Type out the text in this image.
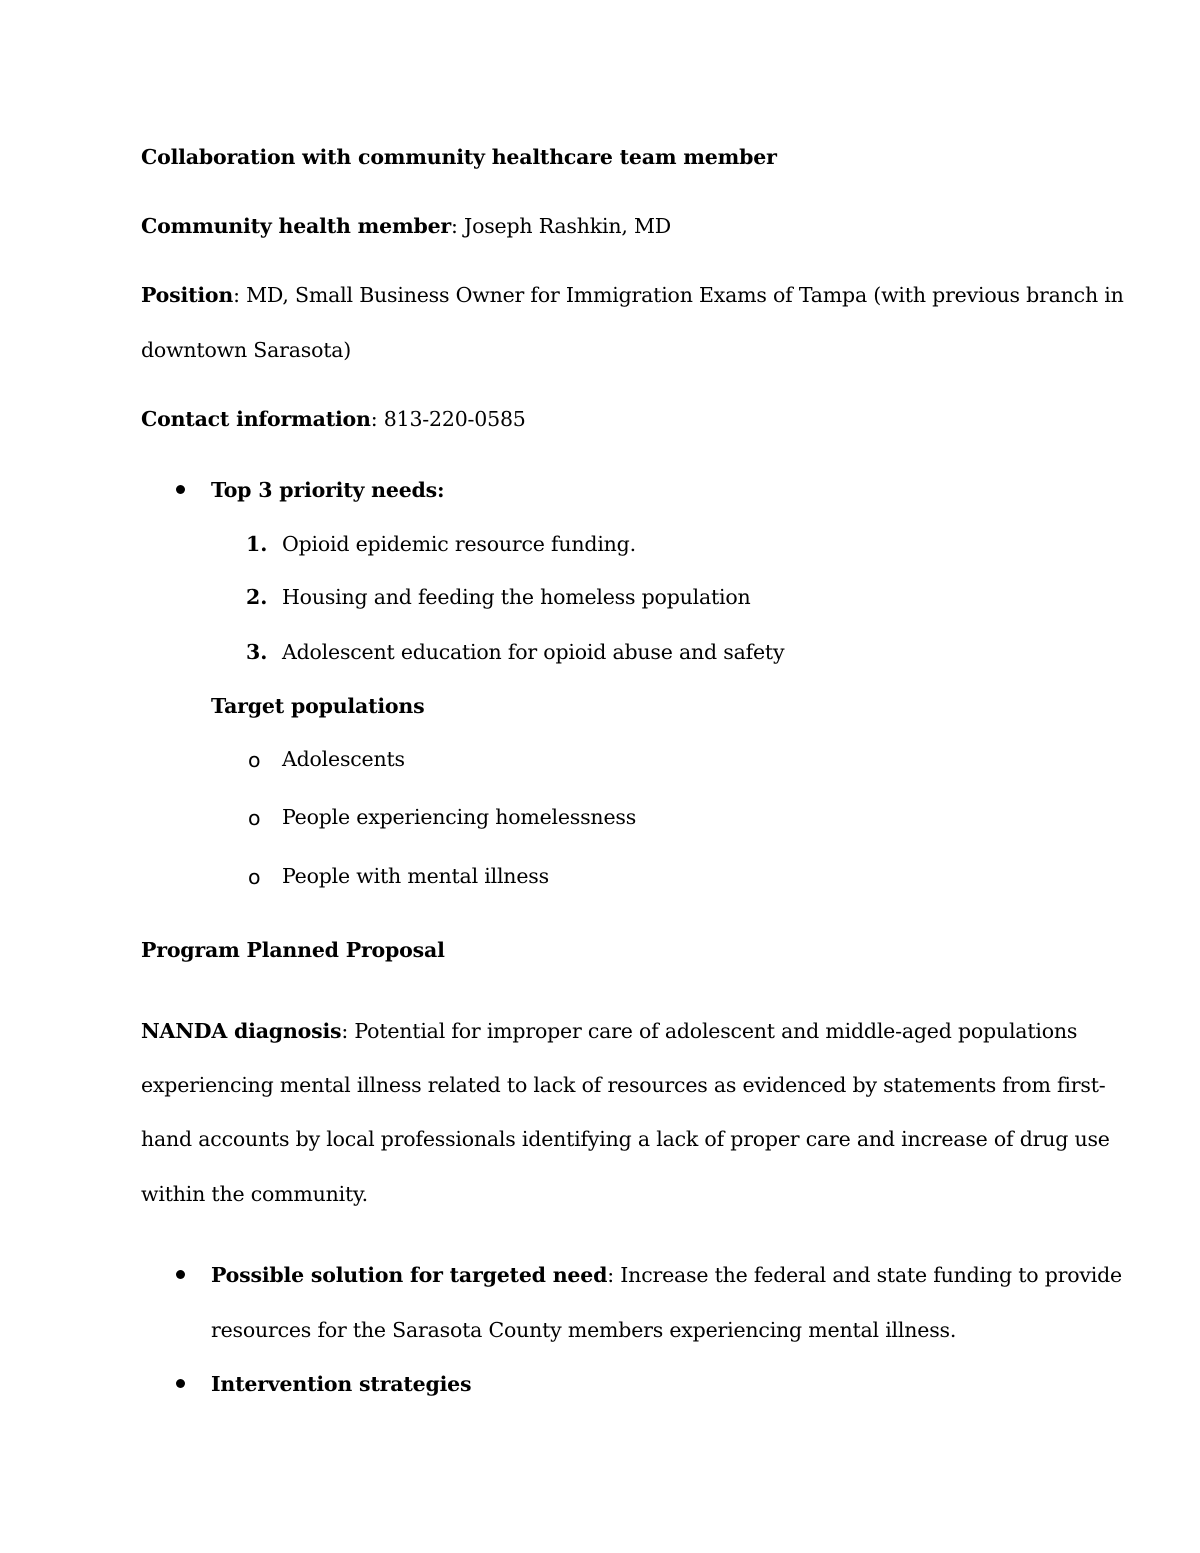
Collaboration with community healthcare team member
Community health member: Joseph Rashkin, MD
Position: MD, Small Business Owner for Immigration Exams of Tampa (with previous branch in
downtown Sarasota)
Contact information: 813-220-0585
Top 3 priority needs:
1. Opioid epidemic resource funding.
2. Housing and feeding the homeless population
3. Adolescent education for opioid abuse and safety
Target populations
o Adolescents
o People experiencing homelessness
o People with mental illness
Program Planned Proposal
NANDA diagnosis: Potential for improper care of adolescent and middle-aged populations
experiencing mental illness related to lack of resources as evidenced by statements from first-
hand accounts by local professionals identifying a lack of proper care and increase of drug use
within the community.
Possible solution for targeted need: Increase the federal and state funding to provide
resources for the Sarasota County members experiencing mental illness.
Intervention strategies
